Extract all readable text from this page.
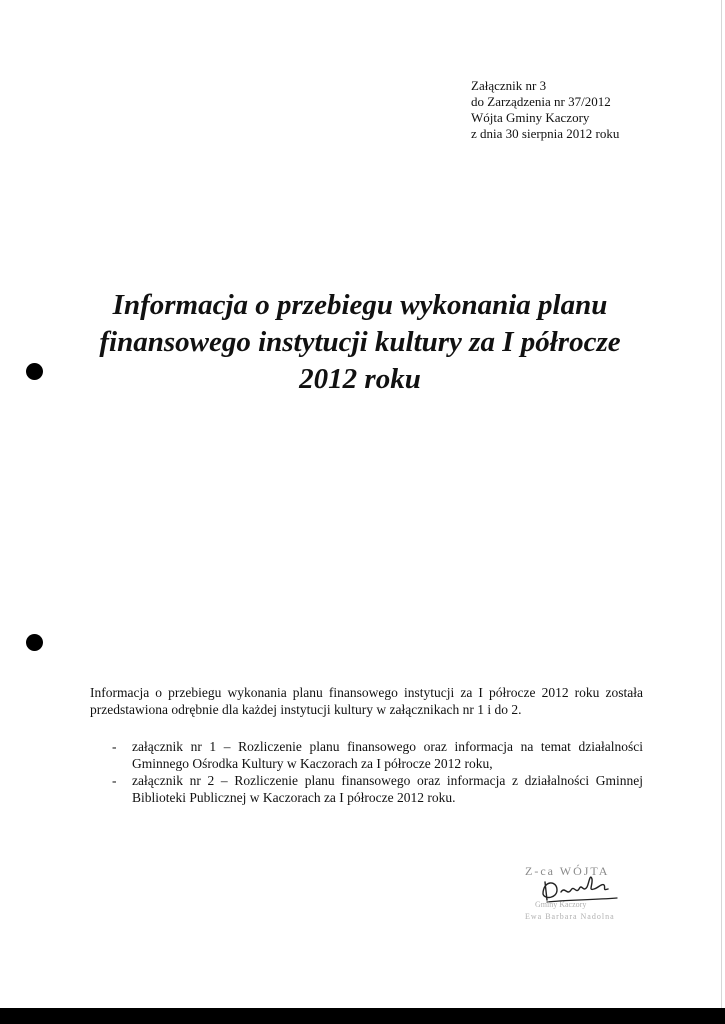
Załącznik nr 3
do Zarządzenia nr 37/2012
Wójta Gminy Kaczory
z dnia 30 sierpnia 2012 roku
Informacja o przebiegu wykonania planu
finansowego instytucji kultury za I półrocze
2012 roku

Informacja o przebiegu wykonania planu finansowego instytucji za I półrocze 2012 roku została przedstawiona odrębnie dla każdej instytucji kultury w załącznikach nr 1 i do 2.

- załącznik nr 1 – Rozliczenie planu finansowego oraz informacja na temat działalności Gminnego Ośrodka Kultury w Kaczorach za I półrocze 2012 roku,
- załącznik nr 2 – Rozliczenie planu finansowego oraz informacja z działalności Gminnej Biblioteki Publicznej w Kaczorach za I półrocze 2012 roku.
Z-ca WÓJTA
Gminy Kaczory
Ewa Barbara Nadolna
